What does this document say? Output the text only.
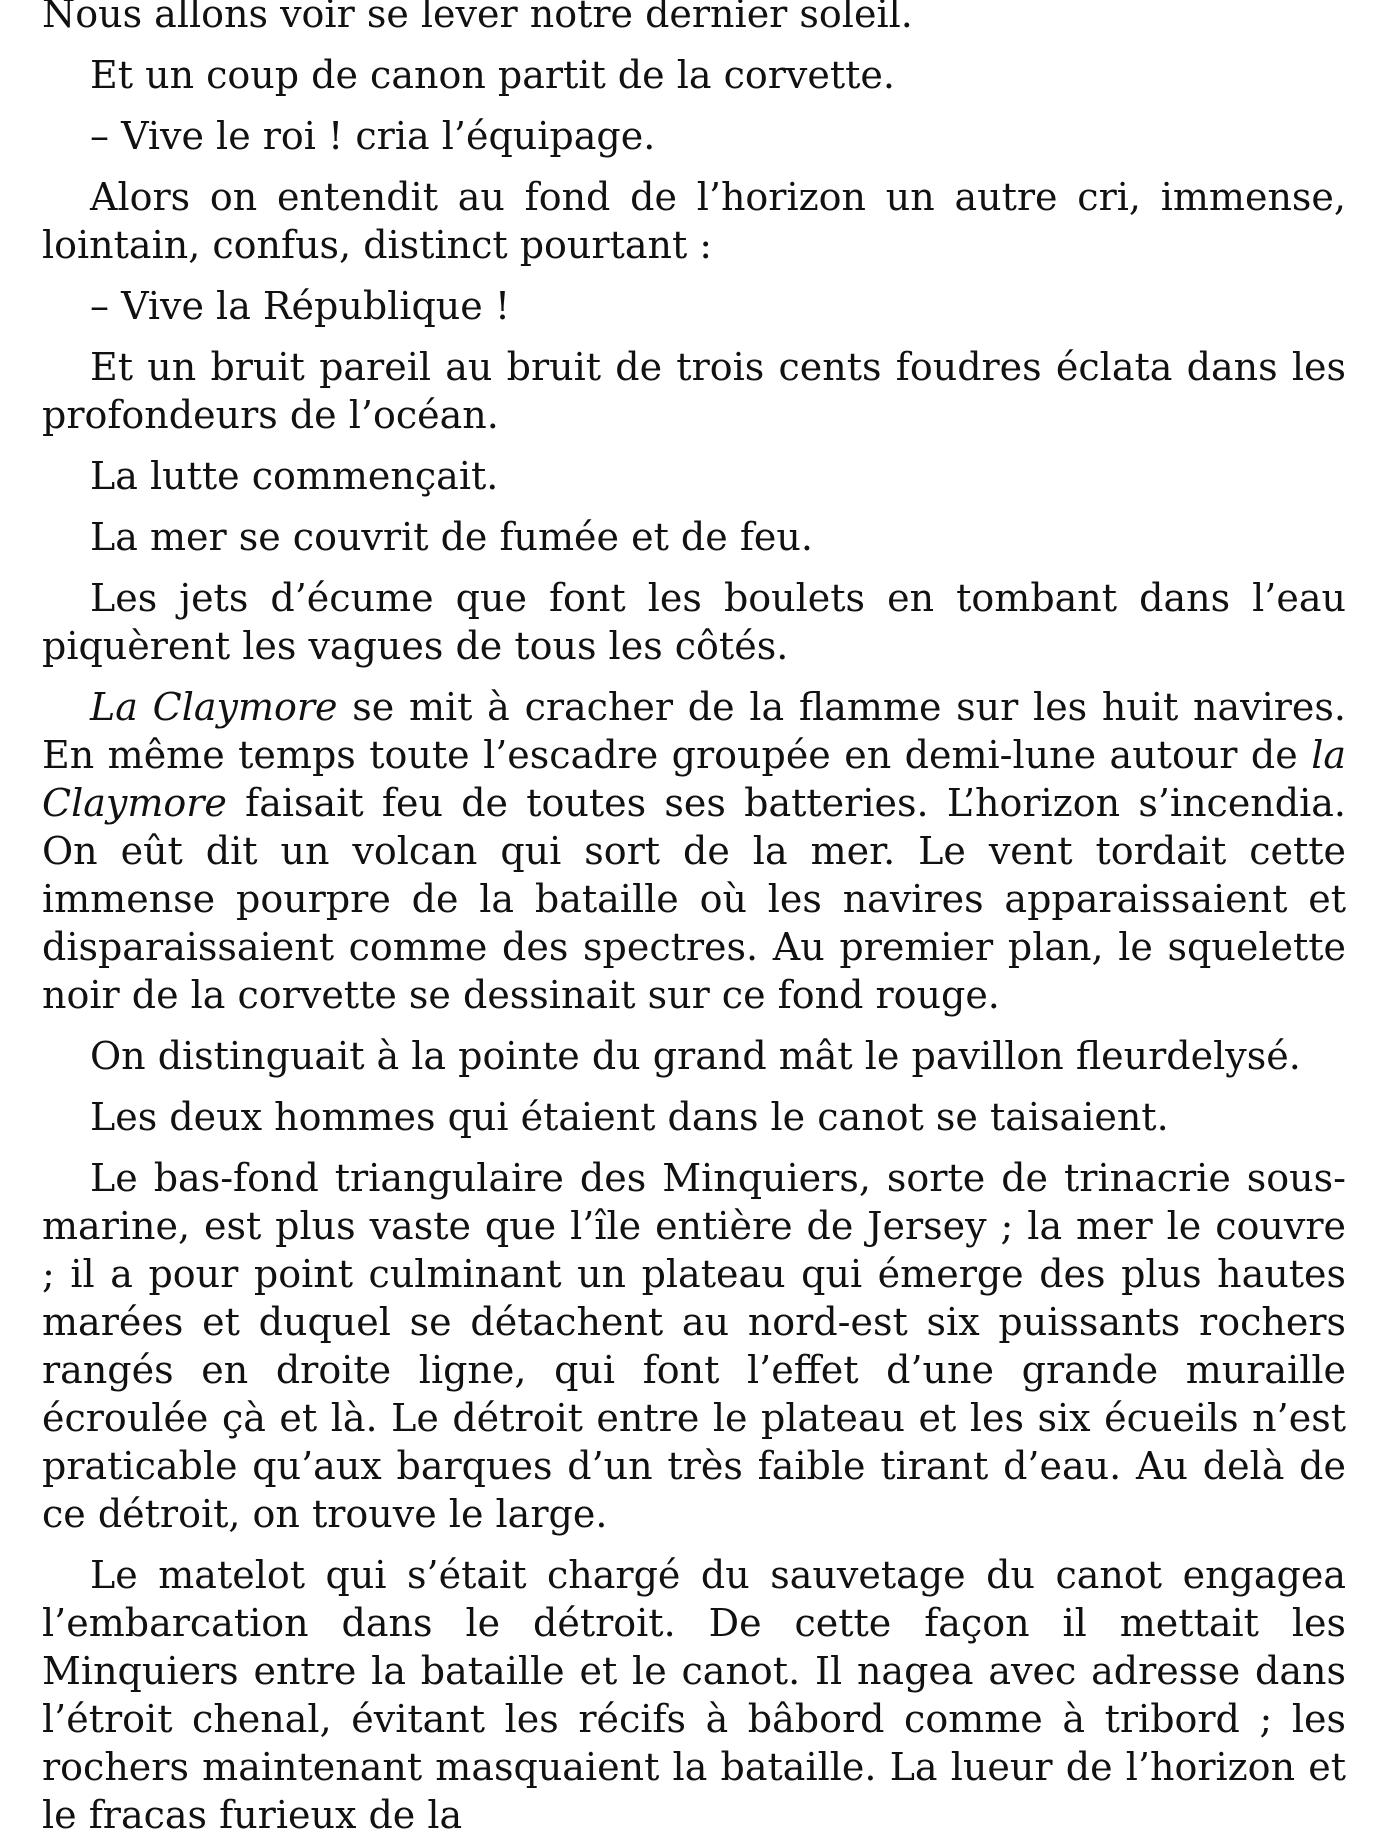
Nous allons voir se lever notre dernier soleil.

Et un coup de canon partit de la corvette.

– Vive le roi ! cria l’équipage.

Alors on entendit au fond de l’horizon un autre cri, immense, lointain, confus, distinct pourtant :

– Vive la République !

Et un bruit pareil au bruit de trois cents foudres éclata dans les profondeurs de l’océan.

La lutte commençait.

La mer se couvrit de fumée et de feu.

Les jets d’écume que font les boulets en tombant dans l’eau piquèrent les vagues de tous les côtés.

La Claymore se mit à cracher de la flamme sur les huit navires. En même temps toute l’escadre groupée en demi-lune autour de la Claymore faisait feu de toutes ses batteries. L’horizon s’incendia. On eût dit un volcan qui sort de la mer. Le vent tordait cette immense pourpre de la bataille où les navires apparaissaient et disparaissaient comme des spectres. Au premier plan, le squelette noir de la corvette se dessinait sur ce fond rouge.

On distinguait à la pointe du grand mât le pavillon fleurdelysé.

Les deux hommes qui étaient dans le canot se taisaient.

Le bas-fond triangulaire des Minquiers, sorte de trinacrie sous-marine, est plus vaste que l’île entière de Jersey ; la mer le couvre ; il a pour point culminant un plateau qui émerge des plus hautes marées et duquel se détachent au nord-est six puissants rochers rangés en droite ligne, qui font l’effet d’une grande muraille écroulée çà et là. Le détroit entre le plateau et les six écueils n’est praticable qu’aux barques d’un très faible tirant d’eau. Au delà de ce détroit, on trouve le large.

Le matelot qui s’était chargé du sauvetage du canot engagea l’embarcation dans le détroit. De cette façon il mettait les Minquiers entre la bataille et le canot. Il nagea avec adresse dans l’étroit chenal, évitant les récifs à bâbord comme à tribord ; les rochers maintenant masquaient la bataille. La lueur de l’horizon et le fracas furieux de la
